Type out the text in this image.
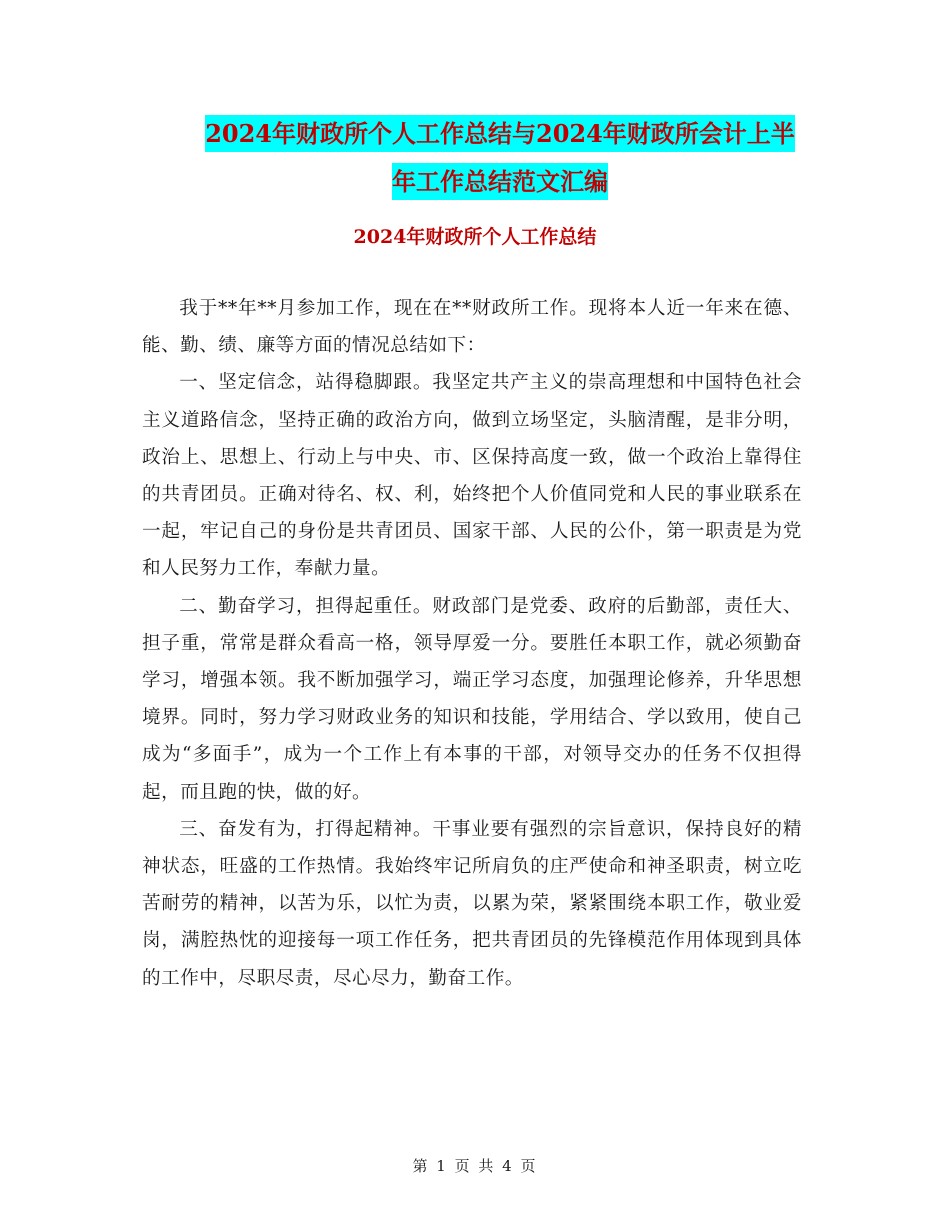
2024年财政所个人工作总结与2024年财政所会计上半
年工作总结范文汇编
2024年财政所个人工作总结

我于**年**月参加工作，现在在**财政所工作。现将本人近一年来在德、能、勤、绩、廉等方面的情况总结如下：

一、坚定信念，站得稳脚跟。我坚定共产主义的崇高理想和中国特色社会主义道路信念，坚持正确的政治方向，做到立场坚定，头脑清醒，是非分明，政治上、思想上、行动上与中央、市、区保持高度一致，做一个政治上靠得住的共青团员。正确对待名、权、利，始终把个人价值同党和人民的事业联系在一起，牢记自己的身份是共青团员、国家干部、人民的公仆，第一职责是为党和人民努力工作，奉献力量。

二、勤奋学习，担得起重任。财政部门是党委、政府的后勤部，责任大、担子重，常常是群众看高一格，领导厚爱一分。要胜任本职工作，就必须勤奋学习，增强本领。我不断加强学习，端正学习态度，加强理论修养，升华思想境界。同时，努力学习财政业务的知识和技能，学用结合、学以致用，使自己成为“多面手”，成为一个工作上有本事的干部，对领导交办的任务不仅担得起，而且跑的快，做的好。

三、奋发有为，打得起精神。干事业要有强烈的宗旨意识，保持良好的精神状态，旺盛的工作热情。我始终牢记所肩负的庄严使命和神圣职责，树立吃苦耐劳的精神，以苦为乐，以忙为责，以累为荣，紧紧围绕本职工作，敬业爱岗，满腔热忱的迎接每一项工作任务，把共青团员的先锋模范作用体现到具体的工作中，尽职尽责，尽心尽力，勤奋工作。

第 1 页 共 4 页
